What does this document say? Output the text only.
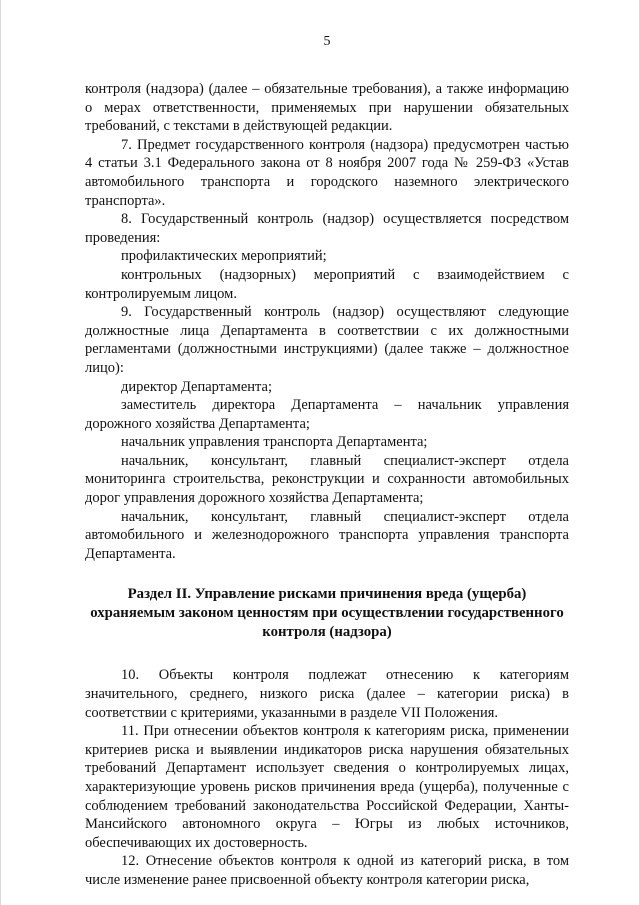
5

контроля (надзора) (далее – обязательные требования), а также информацию о мерах ответственности, применяемых при нарушении обязательных требований, с текстами в действующей редакции.

7. Предмет государственного контроля (надзора) предусмотрен частью 4 статьи 3.1 Федерального закона от 8 ноября 2007 года № 259-ФЗ «Устав автомобильного транспорта и городского наземного электрического транспорта».

8. Государственный контроль (надзор) осуществляется посредством проведения:

профилактических мероприятий;

контрольных (надзорных) мероприятий с взаимодействием с контролируемым лицом.

9. Государственный контроль (надзор) осуществляют следующие должностные лица Департамента в соответствии с их должностными регламентами (должностными инструкциями) (далее также – должностное лицо):

директор Департамента;

заместитель директора Департамента – начальник управления дорожного хозяйства Департамента;

начальник управления транспорта Департамента;

начальник, консультант, главный специалист-эксперт отдела мониторинга строительства, реконструкции и сохранности автомобильных дорог управления дорожного хозяйства Департамента;

начальник, консультант, главный специалист-эксперт отдела автомобильного и железнодорожного транспорта управления транспорта Департамента.

Раздел II. Управление рисками причинения вреда (ущерба) охраняемым законом ценностям при осуществлении государственного контроля (надзора)

10. Объекты контроля подлежат отнесению к категориям значительного, среднего, низкого риска (далее – категории риска) в соответствии с критериями, указанными в разделе VII Положения.

11. При отнесении объектов контроля к категориям риска, применении критериев риска и выявлении индикаторов риска нарушения обязательных требований Департамент использует сведения о контролируемых лицах, характеризующие уровень рисков причинения вреда (ущерба), полученные с соблюдением требований законодательства Российской Федерации, Ханты-Мансийского автономного округа – Югры из любых источников, обеспечивающих их достоверность.

12. Отнесение объектов контроля к одной из категорий риска, в том числе изменение ранее присвоенной объекту контроля категории риска,
